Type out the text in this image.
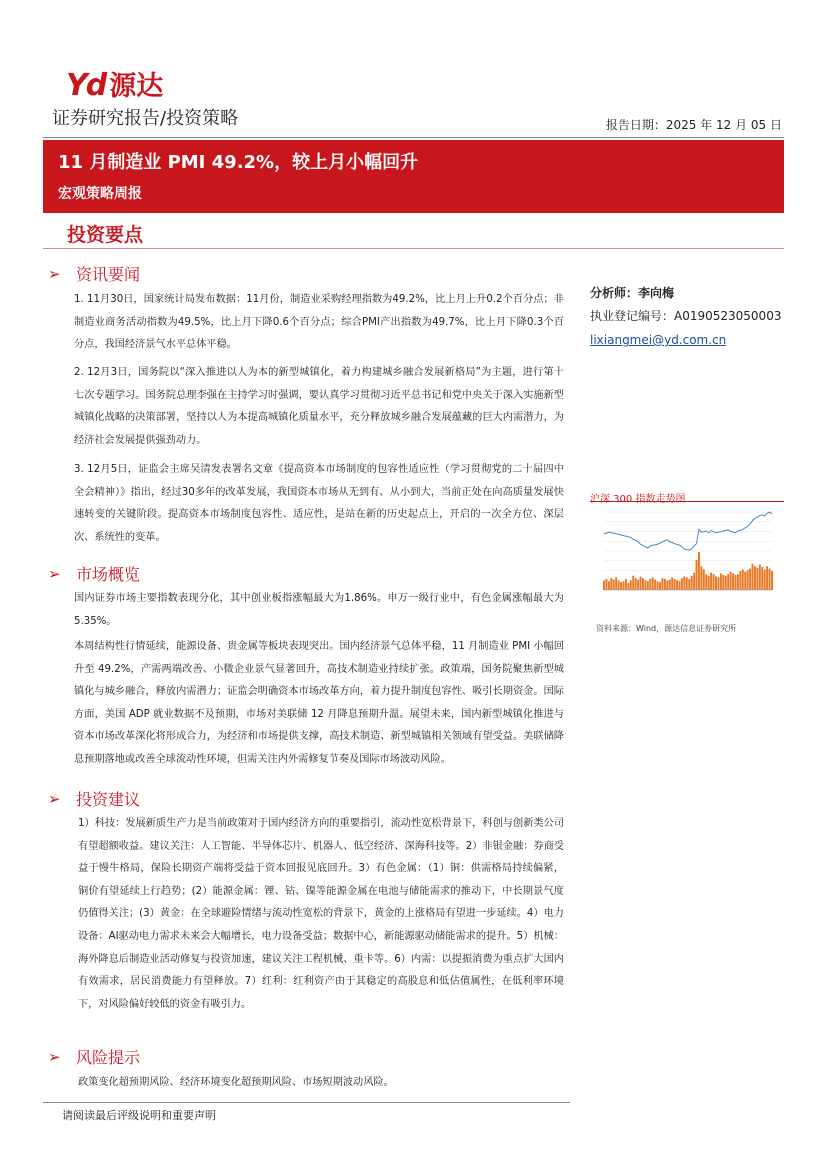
Yd 源达
证券研究报告/投资策略	报告日期：2025 年 12 月 05 日
11 月制造业 PMI 49.2%，较上月小幅回升
宏观策略周报
投资要点
➢ 资讯要闻
1. 11月30日，国家统计局发布数据：11月份，制造业采购经理指数为49.2%，比上月上升0.2个百分点；非制造业商务活动指数为49.5%，比上月下降0.6个百分点；综合PMI产出指数为49.7%，比上月下降0.3个百分点，我国经济景气水平总体平稳。
2. 12月3日，国务院以“深入推进以人为本的新型城镇化，着力构建城乡融合发展新格局”为主题，进行第十七次专题学习。国务院总理李强在主持学习时强调，要认真学习贯彻习近平总书记和党中央关于深入实施新型城镇化战略的决策部署，坚持以人为本提高城镇化质量水平，充分释放城乡融合发展蕴藏的巨大内需潜力，为经济社会发展提供强劲动力。
3. 12月5日，证监会主席吴清发表署名文章《提高资本市场制度的包容性适应性（学习贯彻党的二十届四中全会精神）》指出，经过30多年的改革发展，我国资本市场从无到有、从小到大，当前正处在向高质量发展快速转变的关键阶段。提高资本市场制度包容性、适应性，是站在新的历史起点上，开启的一次全方位、深层次、系统性的变革。
➢ 市场概览
国内证券市场主要指数表现分化，其中创业板指涨幅最大为1.86%。申万一级行业中，有色金属涨幅最大为5.35%。
本周结构性行情延续，能源设备、贵金属等板块表现突出。国内经济景气总体平稳，11 月制造业 PMI 小幅回升至 49.2%，产需两端改善、小微企业景气显著回升，高技术制造业持续扩张。政策端，国务院聚焦新型城镇化与城乡融合，释放内需潜力；证监会明确资本市场改革方向，着力提升制度包容性、吸引长期资金。国际方面，美国 ADP 就业数据不及预期，市场对美联储 12 月降息预期升温。展望未来，国内新型城镇化推进与资本市场改革深化将形成合力，为经济和市场提供支撑，高技术制造、新型城镇相关领域有望受益。美联储降息预期落地或改善全球流动性环境，但需关注内外需修复节奏及国际市场波动风险。
➢ 投资建议
1）科技：发展新质生产力是当前政策对于国内经济方向的重要指引，流动性宽松背景下，科创与创新类公司有望超额收益。建议关注：人工智能、半导体芯片、机器人、低空经济、深海科技等。2）非银金融：券商受益于慢牛格局，保险长期资产端将受益于资本回报见底回升。3）有色金属：（1）铜：供需格局持续偏紧，铜价有望延续上行趋势；(2）能源金属：锂、钴、镍等能源金属在电池与储能需求的推动下，中长期景气度仍值得关注；(3）黄金：在全球避险情绪与流动性宽松的背景下，黄金的上涨格局有望进一步延续。4）电力设备：AI驱动电力需求未来会大幅增长，电力设备受益；数据中心，新能源驱动储能需求的提升。5）机械：海外降息后制造业活动修复与投资加速，建议关注工程机械、重卡等。6）内需：以提振消费为重点扩大国内有效需求，居民消费能力有望释放。7）红利：红利资产由于其稳定的高股息和低估值属性，在低利率环境下，对风险偏好较低的资金有吸引力。
➢ 风险提示
政策变化超预期风险、经济环境变化超预期风险、市场短期波动风险。
分析师：李向梅
执业登记编号：A0190523050003
lixiangmei@yd.com.cn
沪深 300 指数走势图
资料来源：Wind，源达信息证券研究所
请阅读最后评级说明和重要声明
